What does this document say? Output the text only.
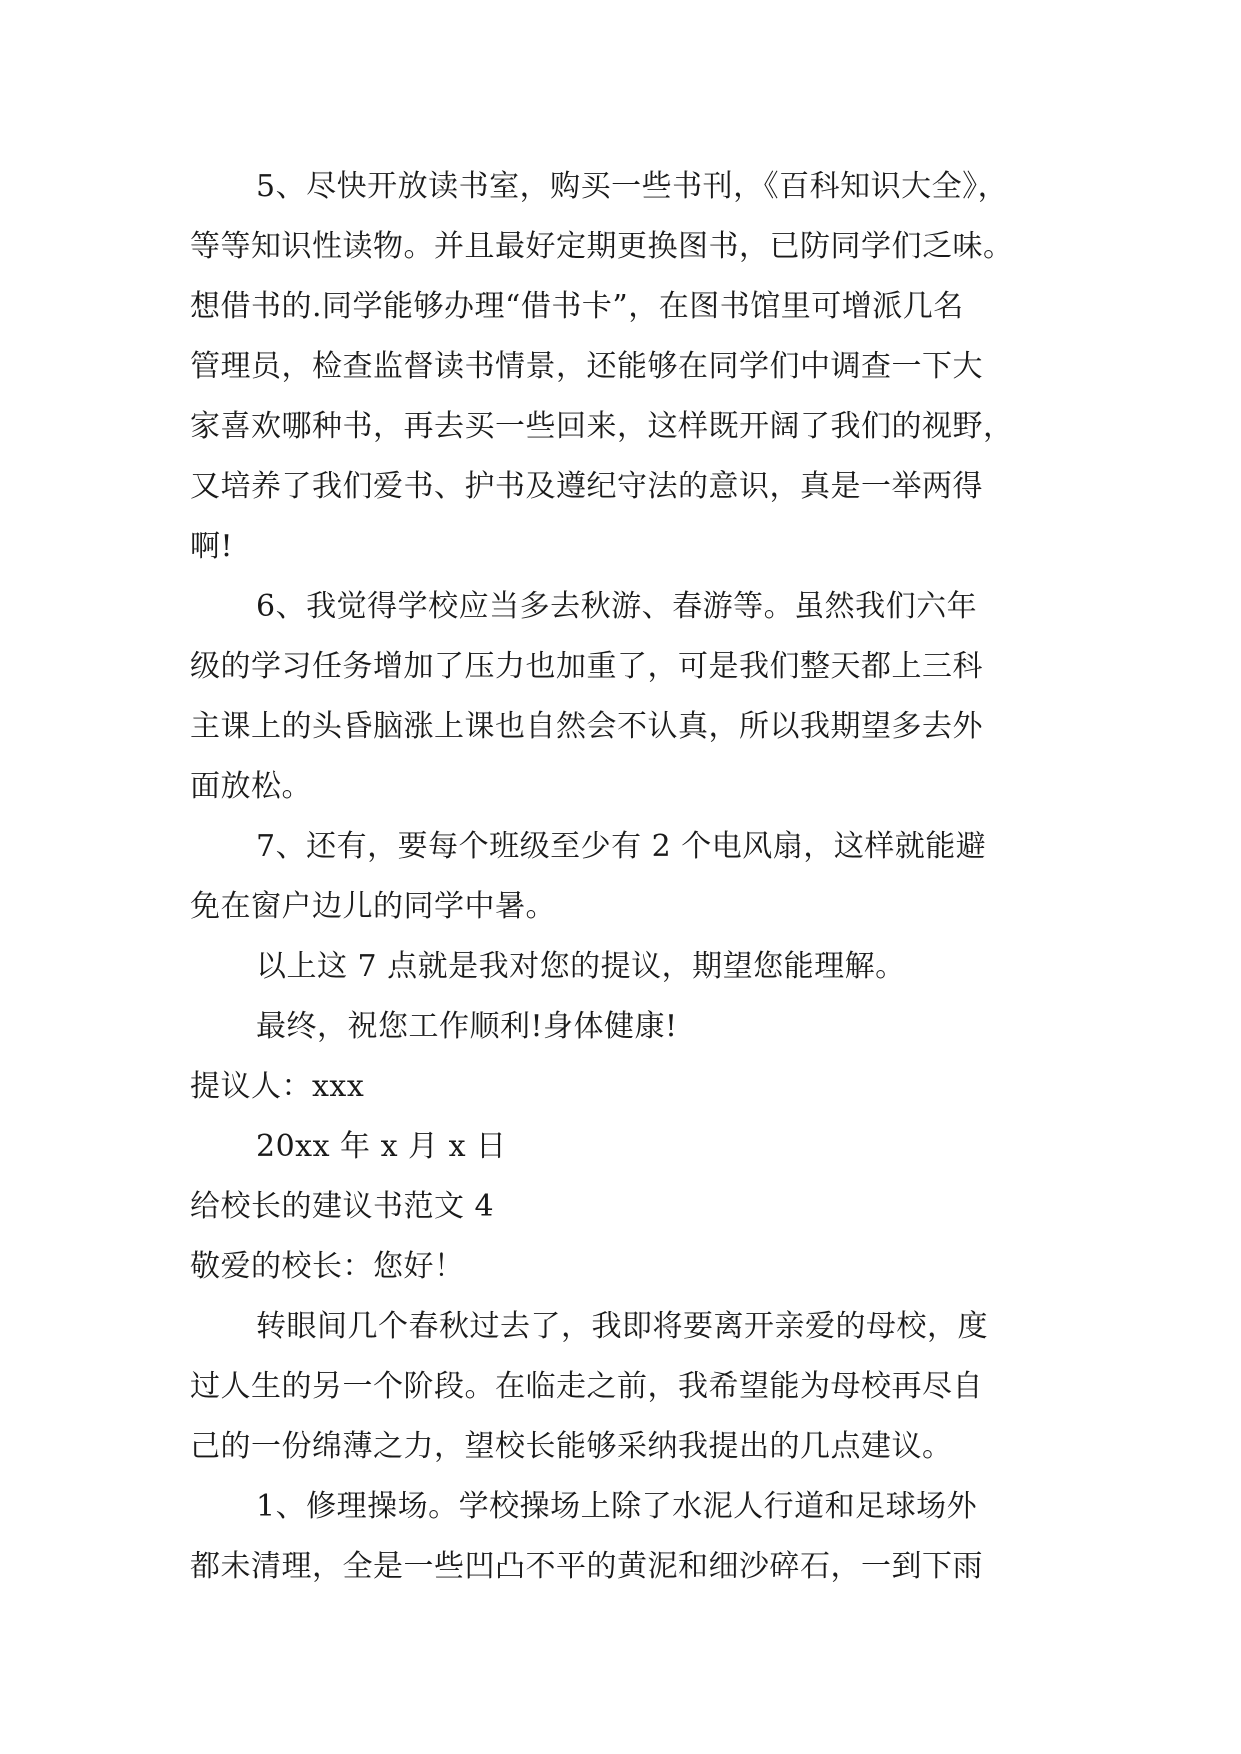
5、尽快开放读书室，购买一些书刊，《百科知识大全》，

等等知识性读物。并且最好定期更换图书，已防同学们乏味。

想借书的.同学能够办理“借书卡”，在图书馆里可增派几名

管理员，检查监督读书情景，还能够在同学们中调查一下大

家喜欢哪种书，再去买一些回来，这样既开阔了我们的视野，

又培养了我们爱书、护书及遵纪守法的意识，真是一举两得

啊!

6、我觉得学校应当多去秋游、春游等。虽然我们六年

级的学习任务增加了压力也加重了，可是我们整天都上三科

主课上的头昏脑涨上课也自然会不认真，所以我期望多去外

面放松。

7、还有，要每个班级至少有 2 个电风扇，这样就能避

免在窗户边儿的同学中暑。

以上这 7 点就是我对您的提议，期望您能理解。

最终，祝您工作顺利!身体健康!

提议人：xxx

20xx 年 x 月 x 日

给校长的建议书范文 4

敬爱的校长：您好！

转眼间几个春秋过去了，我即将要离开亲爱的母校，度

过人生的另一个阶段。在临走之前，我希望能为母校再尽自

己的一份绵薄之力，望校长能够采纳我提出的几点建议。

1、修理操场。学校操场上除了水泥人行道和足球场外

都未清理，全是一些凹凸不平的黄泥和细沙碎石，一到下雨
